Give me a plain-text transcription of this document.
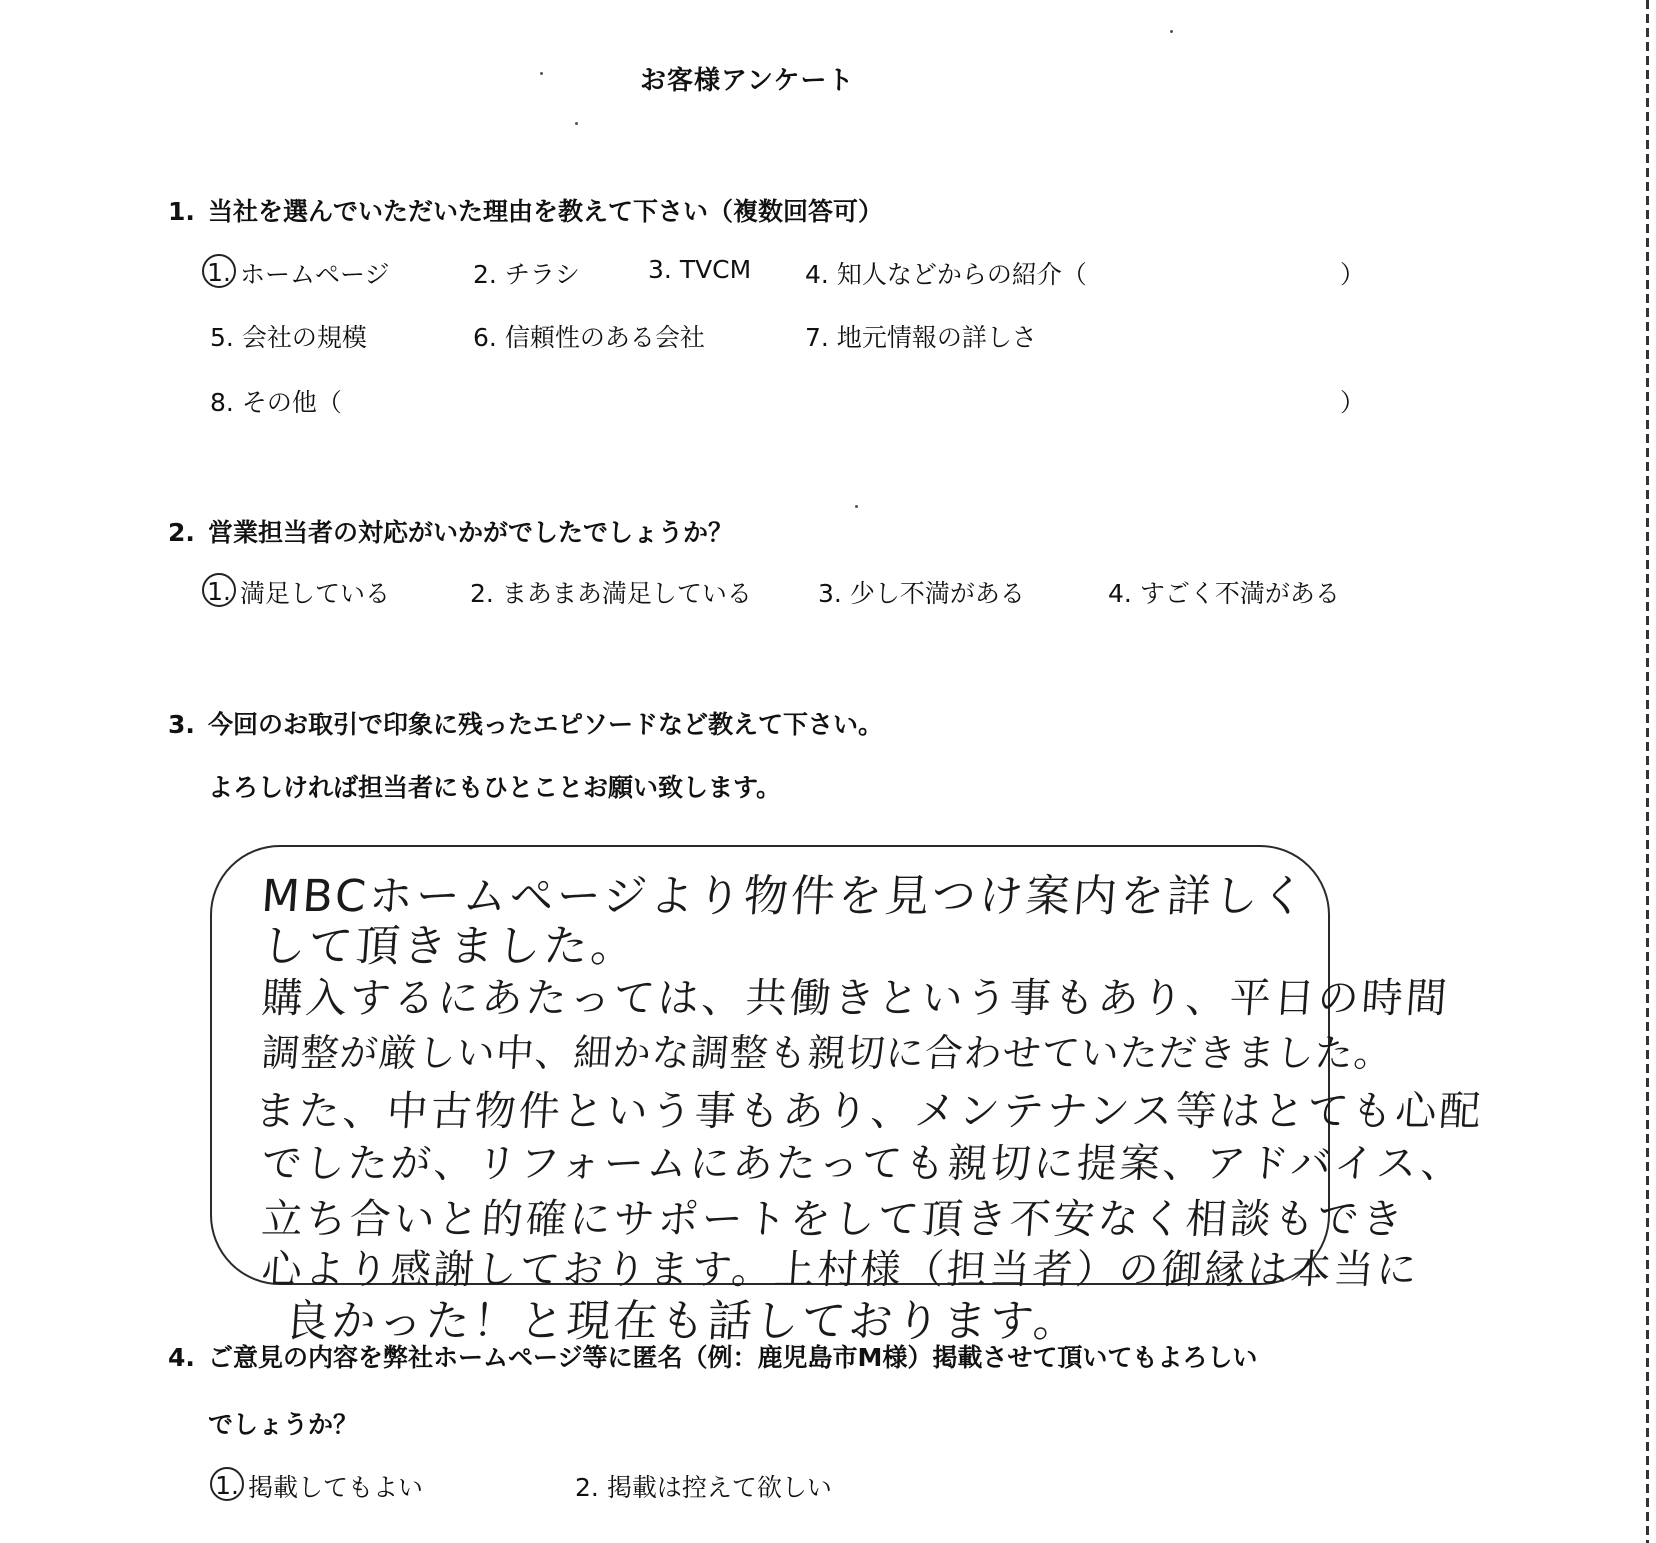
お客様アンケート
1. 当社を選んでいただいた理由を教えて下さい（複数回答可）
1. ホームページ	2. チラシ	3. TVCM 4. 知人などからの紹介（	）
5. 会社の規模	6. 信頼性のある会社	7. 地元情報の詳しさ
8. その他（	）
2. 営業担当者の対応がいかがでしたでしょうか？
1. 満足している	2. まあまあ満足している	3. 少し不満がある	4. すごく不満がある
3. 今回のお取引で印象に残ったエピソードなど教えて下さい。
よろしければ担当者にもひとことお願い致します。
MBCホームページより物件を見つけ案内を詳しく
して頂きました。
購入するにあたっては、共働きという事もあり、平日の時間
調整が厳しい中、細かな調整も親切に合わせていただきました。
また、中古物件という事もあり、メンテナンス等はとても心配
でしたが、リフォームにあたっても親切に提案、アドバイス、
立ち合いと的確にサポートをして頂き不安なく相談もでき
心より感謝しております。上村様（担当者）の御縁は本当に
良かった！と現在も話しております。
4. ご意見の内容を弊社ホームページ等に匿名（例：鹿児島市M様）掲載させて頂いてもよろしい
でしょうか？
1. 掲載してもよい	2. 掲載は控えて欲しい
